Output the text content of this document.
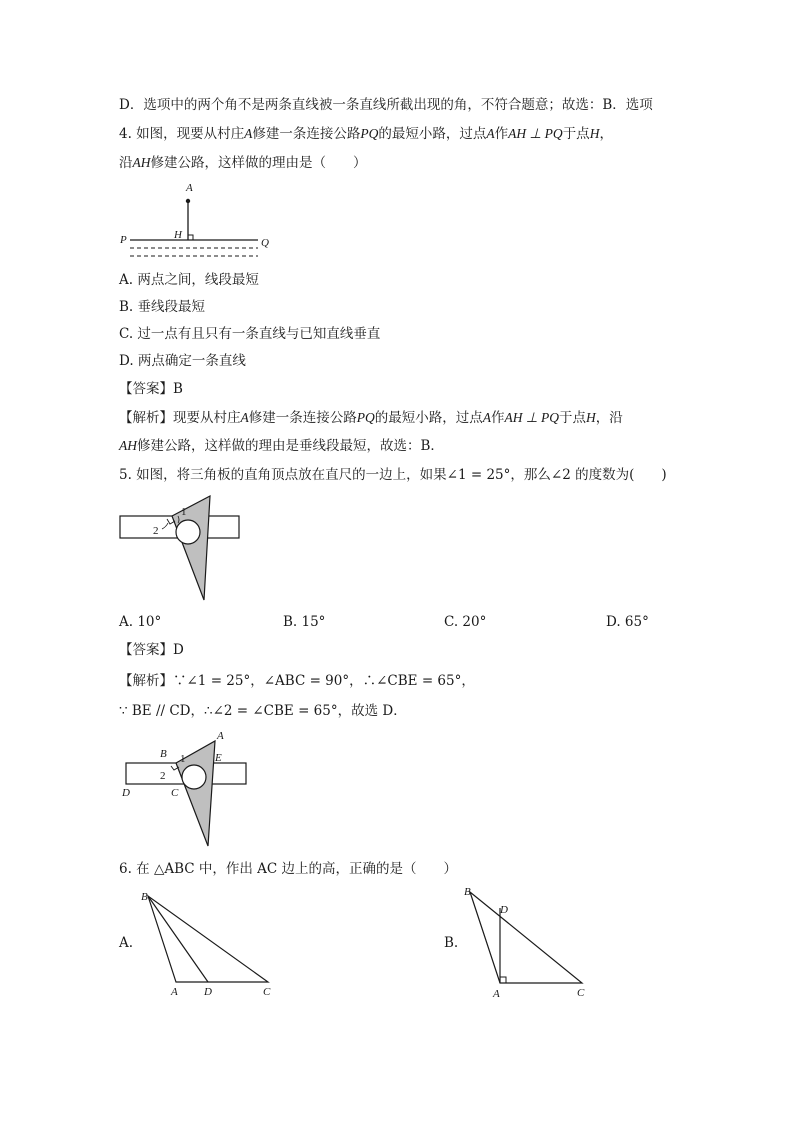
D．选项中的两个角不是两条直线被一条直线所截出现的角，不符合题意；故选：B．选项
4. 如图，现要从村庄A修建一条连接公路PQ的最短小路，过点A作AH ⊥ PQ于点H，
沿AH修建公路，这样做的理由是（　　）
A
H
P	Q
A. 两点之间，线段最短
B. 垂线段最短
C. 过一点有且只有一条直线与已知直线垂直
D. 两点确定一条直线
【答案】B
【解析】现要从村庄A修建一条连接公路PQ的最短小路，过点A作AH ⊥ PQ于点H，沿
AH修建公路，这样做的理由是垂线段最短，故选：B．
5. 如图，将三角板的直角顶点放在直尺的一边上，如果∠1 = 25°，那么∠2 的度数为(　　)
1
2
A. 10°	B. 15°	C. 20°	D. 65°
【答案】D
【解析】∵∠1 = 25°，∠ABC = 90°，∴∠CBE = 65°，
∵ BE // CD，∴∠2 = ∠CBE = 65°，故选 D．
1
2
A
B
C
D
E
6. 在 △ABC 中，作出 AC 边上的高，正确的是（　　）
A.
B
A D	C
B.
B
D
A	C
